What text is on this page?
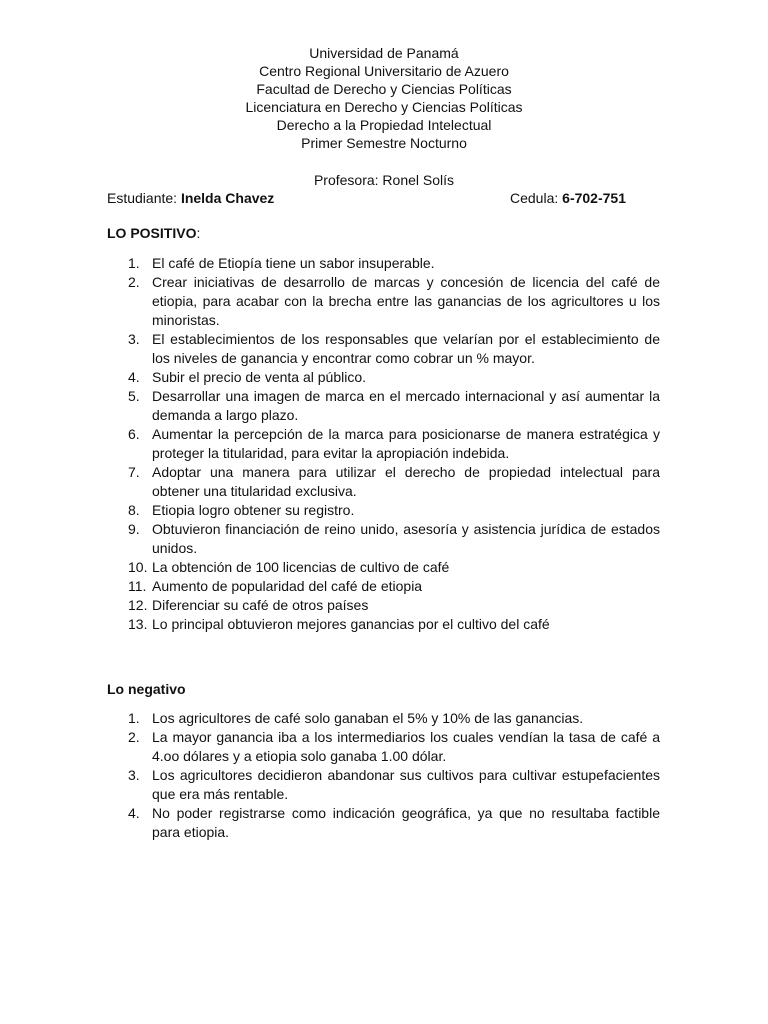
Universidad de Panamá
Centro Regional Universitario de Azuero
Facultad de Derecho y Ciencias Políticas
Licenciatura en Derecho y Ciencias Políticas
Derecho a la Propiedad Intelectual
Primer Semestre Nocturno
Profesora: Ronel Solís
Estudiante: Inelda Chavez	Cedula: 6-702-751
LO POSITIVO:
1. El café de Etiopía tiene un sabor insuperable.
2. Crear iniciativas de desarrollo de marcas y concesión de licencia del café de etiopia, para acabar con la brecha entre las ganancias de los agricultores u los minoristas.
3. El establecimientos de los responsables que velarían por el establecimiento de los niveles de ganancia y encontrar como cobrar un % mayor.
4. Subir el precio de venta al público.
5. Desarrollar una imagen de marca en el mercado internacional y así aumentar la demanda a largo plazo.
6. Aumentar la percepción de la marca para posicionarse de manera estratégica y proteger la titularidad, para evitar la apropiación indebida.
7. Adoptar una manera para utilizar el derecho de propiedad intelectual para obtener una titularidad exclusiva.
8. Etiopia logro obtener su registro.
9. Obtuvieron financiación de reino unido, asesoría y asistencia jurídica de estados unidos.
10. La obtención de 100 licencias de cultivo de café
11. Aumento de popularidad del café de etiopia
12. Diferenciar su café de otros países
13. Lo principal obtuvieron mejores ganancias por el cultivo del café
Lo negativo
1. Los agricultores de café solo ganaban el 5% y 10% de las ganancias.
2. La mayor ganancia iba a los intermediarios los cuales vendían la tasa de café a 4.oo dólares y a etiopia solo ganaba 1.00 dólar.
3. Los agricultores decidieron abandonar sus cultivos para cultivar estupefacientes que era más rentable.
4. No poder registrarse como indicación geográfica, ya que no resultaba factible para etiopia.
